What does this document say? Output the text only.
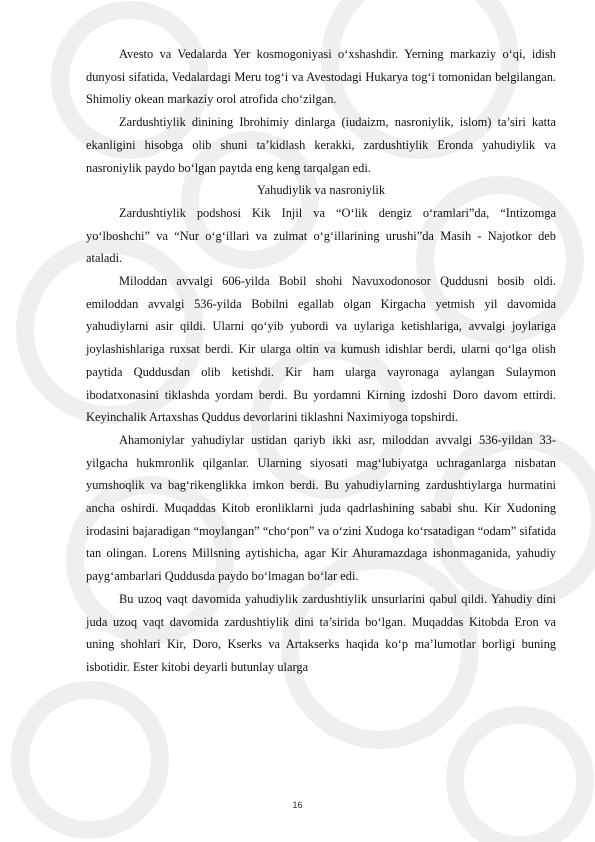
Avesto va Vedalarda Yer kosmogoniyasi o‘xshashdir. Yerning markaziy o‘qi, idish dunyosi sifatida, Vedalardagi Meru tog‘i va Avestodagi Hukarya tog‘i tomonidan belgilangan. Shimoliy okean markaziy orol atrofida cho‘zilgan.

Zardushtiylik dinining Ibrohimiy dinlarga (iudaizm, nasroniylik, islom) ta’siri katta ekanligini hisobga olib shuni ta’kidlash kerakki, zardushtiylik Eronda yahudiylik va nasroniylik paydo bo‘lgan paytda eng keng tarqalgan edi.

Yahudiylik va nasroniylik

Zardushtiylik podshosi Kik Injil va “O‘lik dengiz o‘ramlari”da, “Intizomga yo‘lboshchi” va “Nur o‘g‘illari va zulmat o‘g‘illarining urushi”da Masih - Najotkor deb ataladi.

Miloddan avvalgi 606-yilda Bobil shohi Navuxodonosor Quddusni bosib oldi. emiloddan avvalgi 536-yilda Bobilni egallab olgan Kirgacha yetmish yil davomida yahudiylarni asir qildi. Ularni qo‘yib yubordi va uylariga ketishlariga, avvalgi joylariga joylashishlariga ruxsat berdi. Kir ularga oltin va kumush idishlar berdi, ularni qo‘lga olish paytida Quddusdan olib ketishdi. Kir ham ularga vayronaga aylangan Sulaymon ibodatxonasini tiklashda yordam berdi. Bu yordamni Kirning izdoshi Doro davom ettirdi. Keyinchalik Artaxshas Quddus devorlarini tiklashni Naximiyoga topshirdi.

Ahamoniylar yahudiylar ustidan qariyb ikki asr, miloddan avvalgi 536-yildan 33-yilgacha hukmronlik qilganlar. Ularning siyosati mag‘lubiyatga uchraganlarga nisbatan yumshoqlik va bag‘rikenglikka imkon berdi. Bu yahudiylarning zardushtiylarga hurmatini ancha oshirdi. Muqaddas Kitob eronliklarni juda qadrlashining sababi shu. Kir Xudoning irodasini bajaradigan “moylangan” “cho‘pon” va o‘zini Xudoga ko‘rsatadigan “odam” sifatida tan olingan. Lorens Millsning aytishicha, agar Kir Ahuramazdaga ishonmaganida, yahudiy payg‘ambarlari Quddusda paydo bo‘lmagan bo‘lar edi.

Bu uzoq vaqt davomida yahudiylik zardushtiylik unsurlarini qabul qildi. Yahudiy dini juda uzoq vaqt davomida zardushtiylik dini ta’sirida bo‘lgan. Muqaddas Kitobda Eron va uning shohlari Kir, Doro, Kserks va Artakserks haqida ko‘p ma’lumotlar borligi buning isbotidir. Ester kitobi deyarli butunlay ularga

16
